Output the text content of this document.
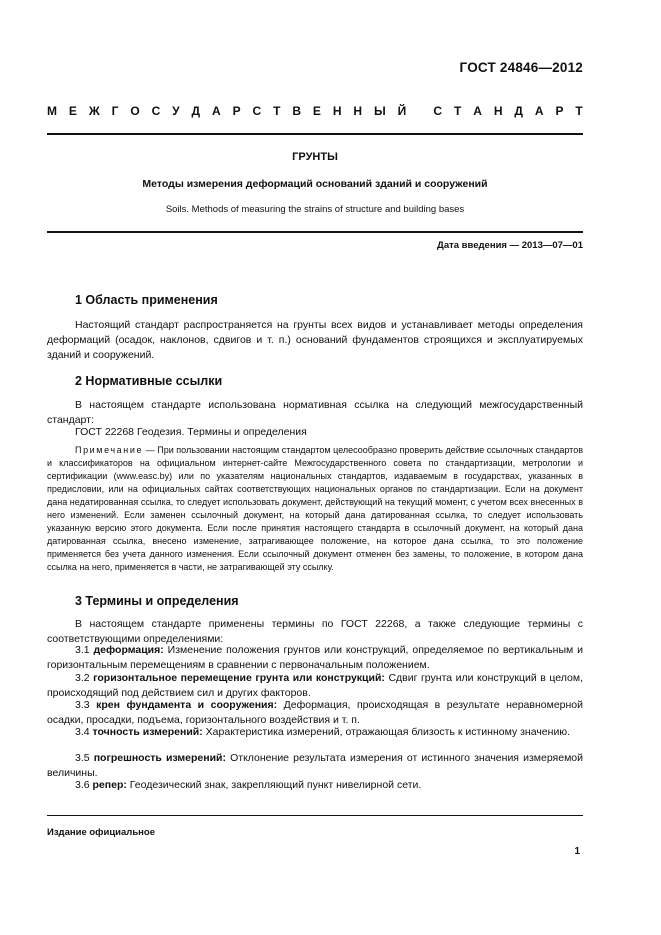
ГОСТ 24846—2012
М Е Ж Г О С У Д А Р С Т В Е Н Н Ы Й
С Т А Н Д А Р Т
ГРУНТЫ
Методы измерения деформаций оснований зданий и сооружений
Soils. Methods of measuring the strains of structure and building bases
Дата введения — 2013—07—01
1 Область применения
Настоящий стандарт распространяется на грунты всех видов и устанавливает методы определения деформаций (осадок, наклонов, сдвигов и т. п.) оснований фундаментов строящихся и эксплуатируемых зданий и сооружений.
2 Нормативные ссылки
В настоящем стандарте использована нормативная ссылка на следующий межгосударственный стандарт:
ГОСТ 22268 Геодезия. Термины и определения
Примечание — При пользовании настоящим стандартом целесообразно проверить действие ссылочных стандартов и классификаторов на официальном интернет-сайте Межгосударственного совета по стандартизации, метрологии и сертификации (www.easc.by) или по указателям национальных стандартов, издаваемым в государствах, указанных в предисловии, или на официальных сайтах соответствующих национальных органов по стандартизации. Если на документ дана недатированная ссылка, то следует использовать документ, действующий на текущий момент, с учетом всех внесенных в него изменений. Если заменен ссылочный документ, на который дана датированная ссылка, то следует использовать указанную версию этого документа. Если после принятия настоящего стандарта в ссылочный документ, на который дана датированная ссылка, внесено изменение, затрагивающее положение, на которое дана ссылка, то это положение применяется без учета данного изменения. Если ссылочный документ отменен без замены, то положение, в котором дана ссылка на него, применяется в части, не затрагивающей эту ссылку.
3 Термины и определения
В настоящем стандарте применены термины по ГОСТ 22268, а также следующие термины с соответствующими определениями:
3.1 деформация: Изменение положения грунтов или конструкций, определяемое по вертикальным и горизонтальным перемещениям в сравнении с первоначальным положением.
3.2 горизонтальное перемещение грунта или конструкций: Сдвиг грунта или конструкций в целом, происходящий под действием сил и других факторов.
3.3 крен фундамента и сооружения: Деформация, происходящая в результате неравномерной осадки, просадки, подъема, горизонтального воздействия и т. п.
3.4 точность измерений: Характеристика измерений, отражающая близость к истинному значению.
3.5 погрешность измерений: Отклонение результата измерения от истинного значения измеряемой величины.
3.6 репер: Геодезический знак, закрепляющий пункт нивелирной сети.
Издание официальное
1
